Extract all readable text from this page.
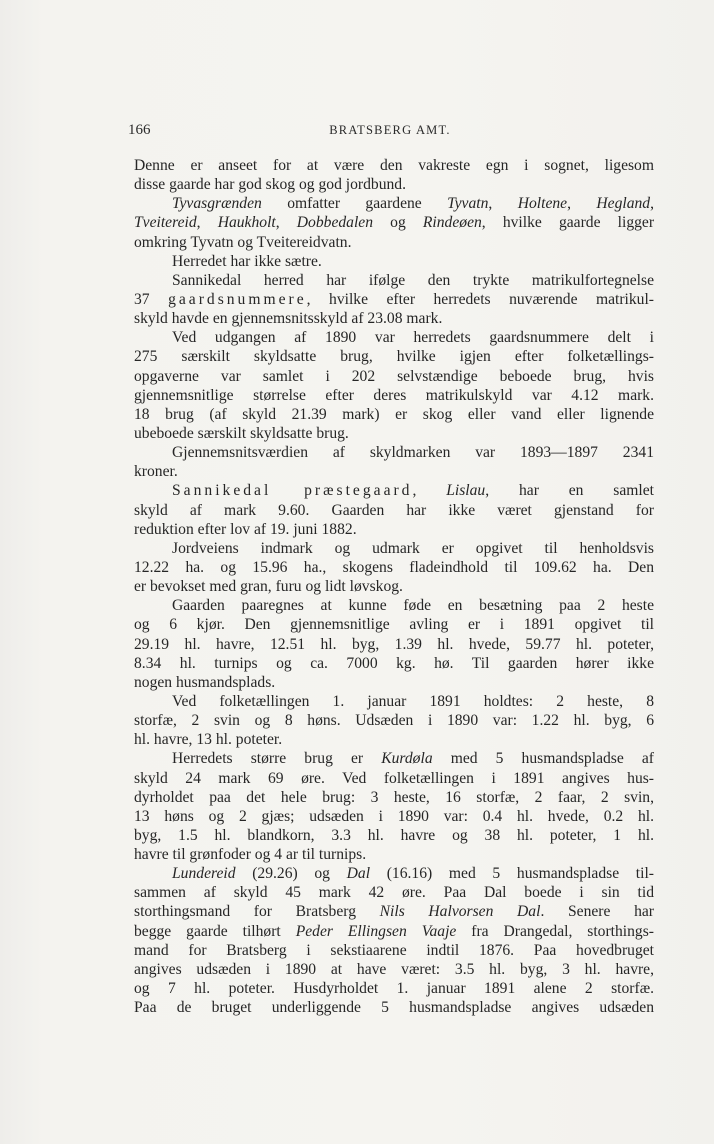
166	BRATSBERG AMT.
Denne er anseet for at være den vakreste egn i sognet, ligesom
disse gaarde har god skog og god jordbund.
Tyvasgrænden omfatter gaardene Tyvatn, Holtene, Hegland,
Tveitereid, Haukholt, Dobbedalen og Rindeøen, hvilke gaarde ligger
omkring Tyvatn og Tveitereidvatn.
Herredet har ikke sætre.
Sannikedal herred har ifølge den trykte matrikulfortegnelse
37 gaardsnummere, hvilke efter herredets nuværende matrikul-
skyld havde en gjennemsnitsskyld af 23.08 mark.
Ved udgangen af 1890 var herredets gaardsnummere delt i
275 særskilt skyldsatte brug, hvilke igjen efter folketællings-
opgaverne var samlet i 202 selvstændige beboede brug, hvis
gjennemsnitlige størrelse efter deres matrikulskyld var 4.12 mark.
18 brug (af skyld 21.39 mark) er skog eller vand eller lignende
ubeboede særskilt skyldsatte brug.
Gjennemsnitsværdien af skyldmarken var 1893—1897 2341
kroner.
Sannikedal præstegaard, Lislau, har en samlet
skyld af mark 9.60. Gaarden har ikke været gjenstand for
reduktion efter lov af 19. juni 1882.
Jordveiens indmark og udmark er opgivet til henholdsvis
12.22 ha. og 15.96 ha., skogens fladeindhold til 109.62 ha. Den
er bevokset med gran, furu og lidt løvskog.
Gaarden paaregnes at kunne føde en besætning paa 2 heste
og 6 kjør. Den gjennemsnitlige avling er i 1891 opgivet til
29.19 hl. havre, 12.51 hl. byg, 1.39 hl. hvede, 59.77 hl. poteter,
8.34 hl. turnips og ca. 7000 kg. hø. Til gaarden hører ikke
nogen husmandsplads.
Ved folketællingen 1. januar 1891 holdtes: 2 heste, 8
storfæ, 2 svin og 8 høns. Udsæden i 1890 var: 1.22 hl. byg, 6
hl. havre, 13 hl. poteter.
Herredets større brug er Kurdøla med 5 husmandspladse af
skyld 24 mark 69 øre. Ved folketællingen i 1891 angives hus-
dyrholdet paa det hele brug: 3 heste, 16 storfæ, 2 faar, 2 svin,
13 høns og 2 gjæs; udsæden i 1890 var: 0.4 hl. hvede, 0.2 hl.
byg, 1.5 hl. blandkorn, 3.3 hl. havre og 38 hl. poteter, 1 hl.
havre til grønfoder og 4 ar til turnips.
Lundereid (29.26) og Dal (16.16) med 5 husmandspladse til-
sammen af skyld 45 mark 42 øre. Paa Dal boede i sin tid
storthingsmand for Bratsberg Nils Halvorsen Dal. Senere har
begge gaarde tilhørt Peder Ellingsen Vaaje fra Drangedal, storthings-
mand for Bratsberg i sekstiaarene indtil 1876. Paa hovedbruget
angives udsæden i 1890 at have været: 3.5 hl. byg, 3 hl. havre,
og 7 hl. poteter. Husdyrholdet 1. januar 1891 alene 2 storfæ.
Paa de bruget underliggende 5 husmandspladse angives udsæden
